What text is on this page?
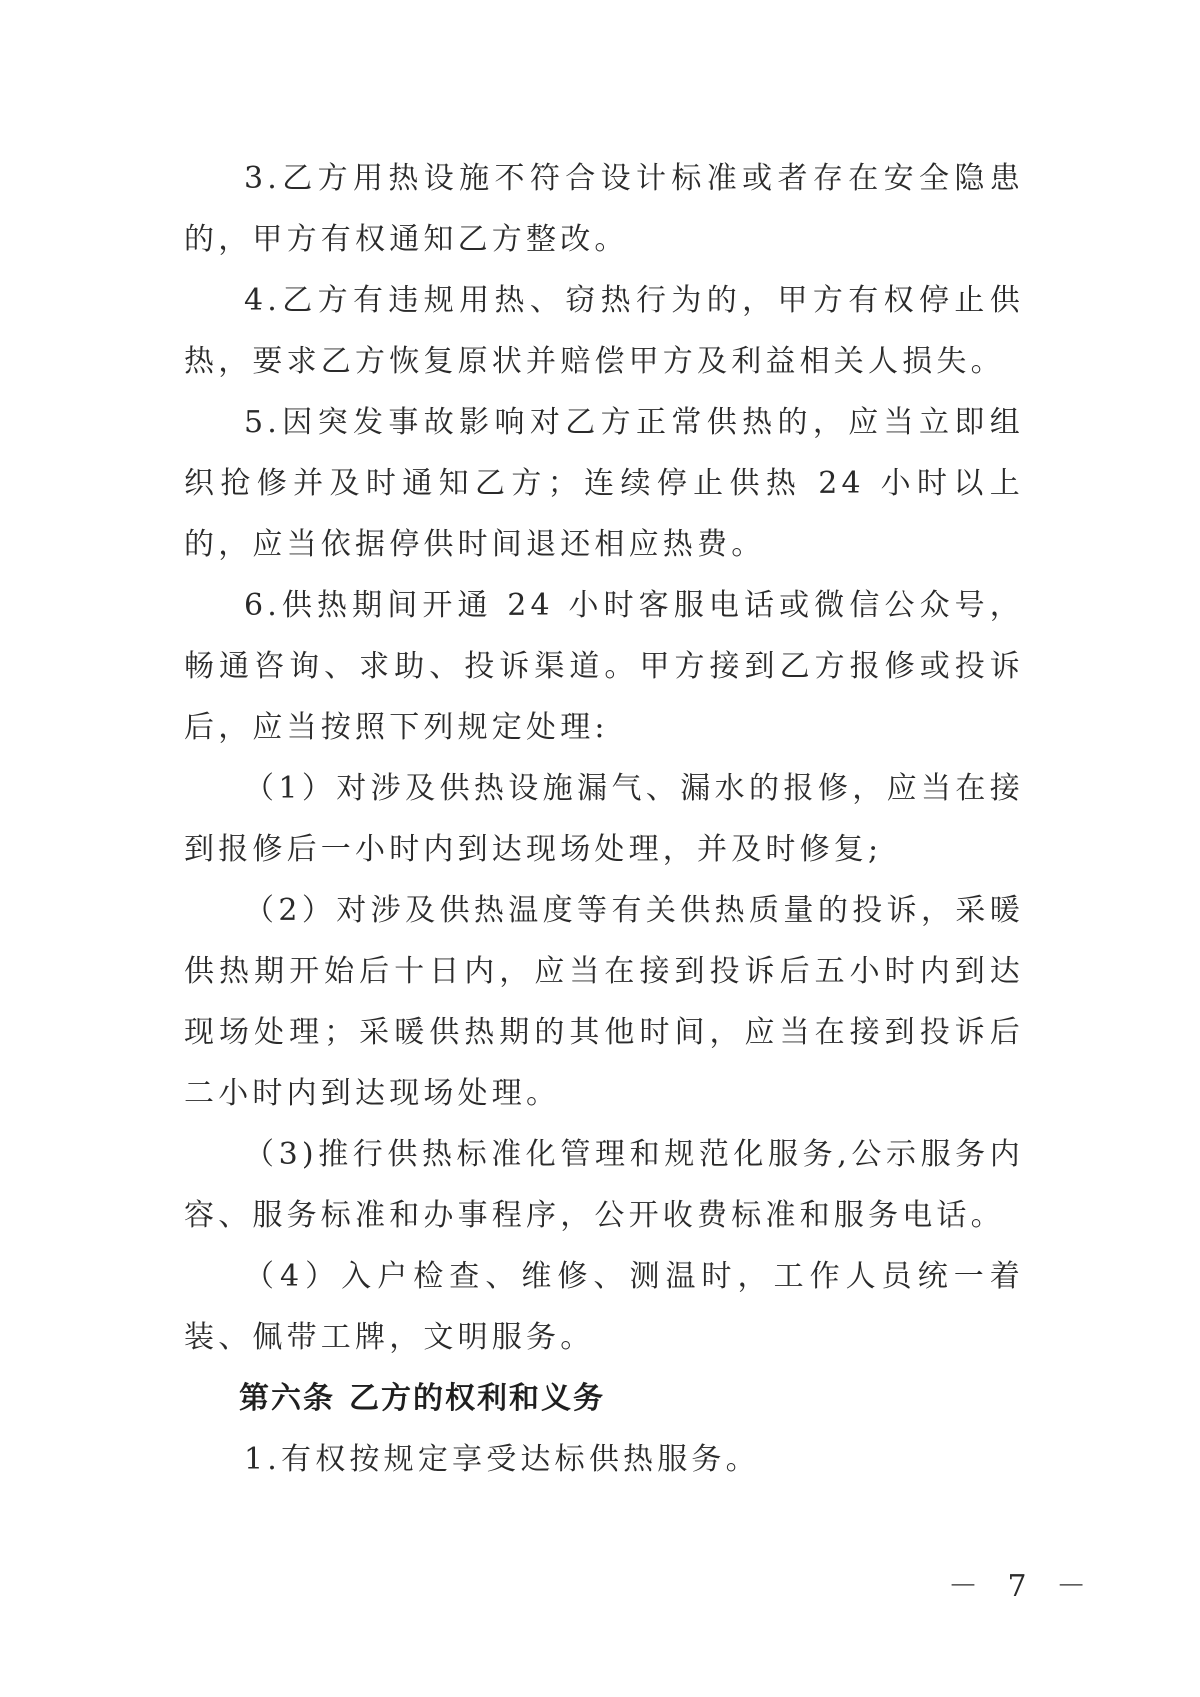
3.乙方用热设施不符合设计标准或者存在安全隐患的，甲方有权通知乙方整改。

4.乙方有违规用热、窃热行为的，甲方有权停止供热，要求乙方恢复原状并赔偿甲方及利益相关人损失。

5.因突发事故影响对乙方正常供热的，应当立即组织抢修并及时通知乙方；连续停止供热 24 小时以上的，应当依据停供时间退还相应热费。

6.供热期间开通 24 小时客服电话或微信公众号，畅通咨询、求助、投诉渠道。甲方接到乙方报修或投诉后，应当按照下列规定处理:

（1）对涉及供热设施漏气、漏水的报修，应当在接到报修后一小时内到达现场处理，并及时修复;

（2）对涉及供热温度等有关供热质量的投诉，采暖供热期开始后十日内，应当在接到投诉后五小时内到达现场处理；采暖供热期的其他时间，应当在接到投诉后二小时内到达现场处理。

（3)推行供热标准化管理和规范化服务,公示服务内容、服务标准和办事程序，公开收费标准和服务电话。

（4）入户检查、维修、测温时，工作人员统一着装、佩带工牌，文明服务。

第六条 乙方的权利和义务

1.有权按规定享受达标供热服务。

－ 7 －
